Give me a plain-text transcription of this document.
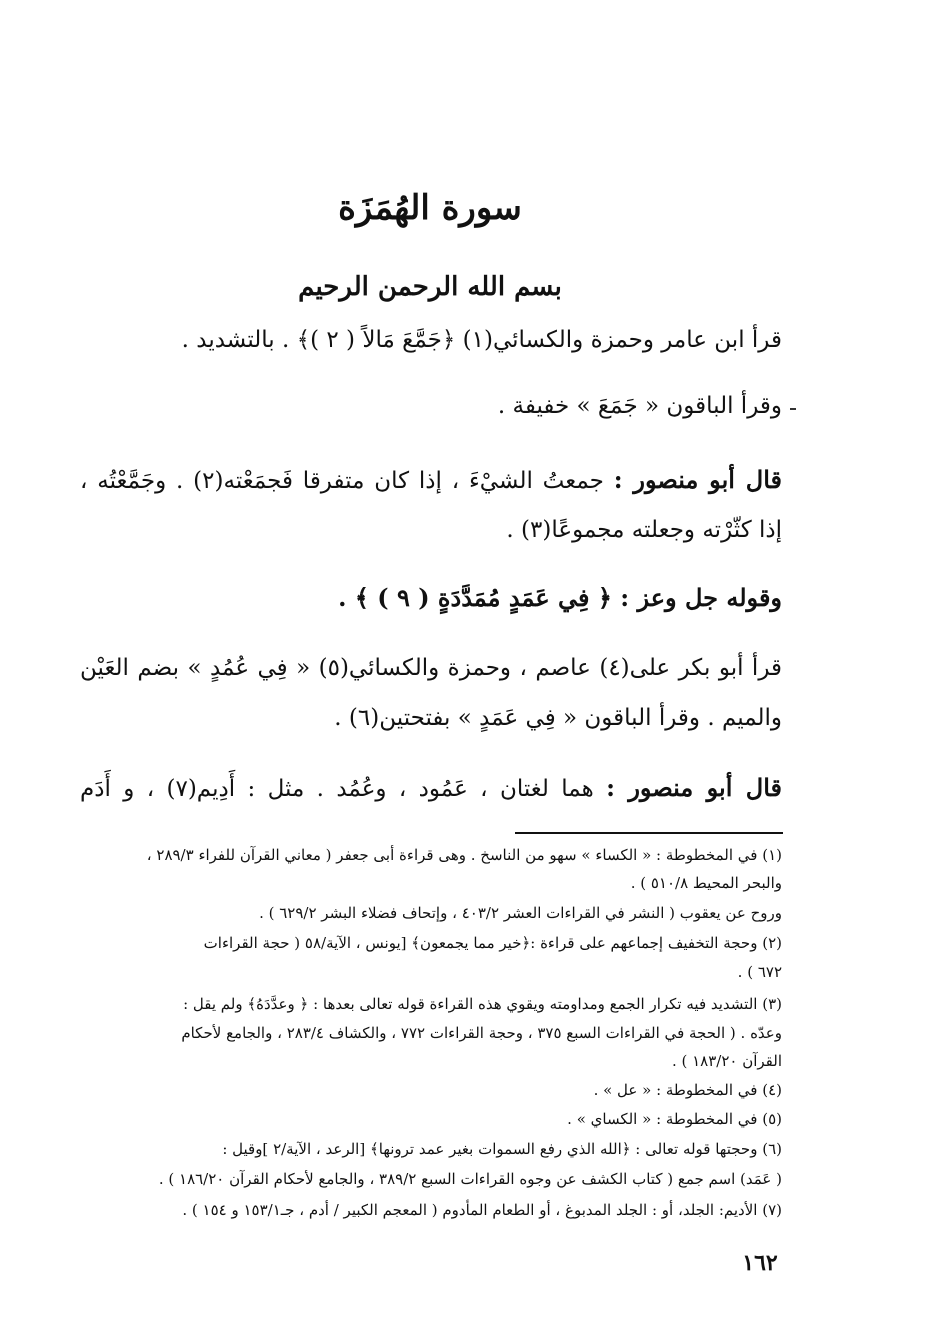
سورة الهُمَزَة
بسم الله الرحمن الرحيم
قرأ ابن عامر وحمزة والكسائي(١) ﴿جَمَّعَ مَالاً ( ٢ )﴾ . بالتشديد .
وقرأ الباقون « جَمَعَ » خفيفة .
قال أبو منصور : جمعتُ الشيْءَ ، إذا كان متفرقا فَجمَعْته(٢) . وجَمَّعْتُه ،
إذا كثّرْته وجعلته مجموعًا(٣) .
وقوله جل وعز : ﴿ فِي عَمَدٍ مُمَدَّدَةٍ ( ٩ ) ﴾ .
قرأ أبو بكر على(٤) عاصم ، وحمزة والكسائي(٥) « فِي عُمُدٍ » بضم العَيْن
والميم . وقرأ الباقون « فِي عَمَدٍ » بفتحتين(٦) .
قال أبو منصور : هما لغتان ، عَمُود ، وعُمُد . مثل : أَدِيم(٧) ، و أَدَم
(١) في المخطوطة : « الكساء » سهو من الناسخ . وهى قراءة أبى جعفر ( معاني القرآن للفراء ٢٨٩/٣ ،
والبحر المحيط ٥١٠/٨ ) .
وروح عن يعقوب ( النشر في القراءات العشر ٤٠٣/٢ ، وإتحاف فضلاء البشر ٦٢٩/٢ ) .
(٢) وحجة التخفيف إجماعهم على قراءة :﴿خير مما يجمعون﴾ [يونس ، الآية/٥٨ ( حجة القراءات
٦٧٢ ) .
(٣) التشديد فيه تكرار الجمع ومداومته ويقوي هذه القراءة قوله تعالى بعدها : ﴿ وعدَّدَهُ﴾ ولم يقل :
وعدّه . ( الحجة في القراءات السبع ٣٧٥ ، وحجة القراءات ٧٧٢ ، والكشاف ٢٨٣/٤ ، والجامع لأحكام
القرآن ١٨٣/٢٠ ) .
(٤) في المخطوطة : « عل » .
(٥) في المخطوطة : « الكساي » .
(٦) وحجتها قوله تعالى : ﴿الله الذي رفع السموات بغير عمد ترونها﴾ [الرعد ، الآية/٢ ]وقيل :
( عَمَد) اسم جمع ( كتاب الكشف عن وجوه القراءات السبع ٣٨٩/٢ ، والجامع لأحكام القرآن ١٨٦/٢٠ ) .
(٧) الأديم: الجلد، أو : الجلد المدبوغ ، أو الطعام المأدوم ( المعجم الكبير / أدم ، جـ١٥٣/١ و ١٥٤ ) .
١٦٢
